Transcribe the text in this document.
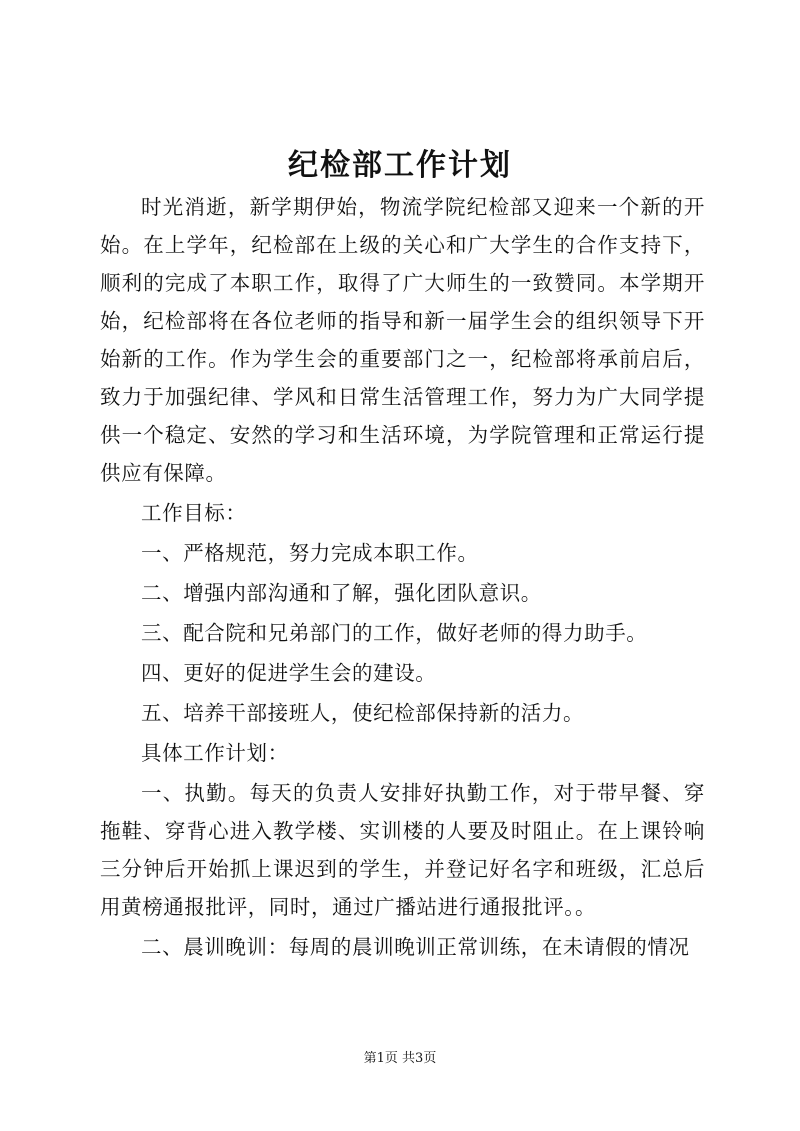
纪检部工作计划

时光消逝，新学期伊始，物流学院纪检部又迎来一个新的开始。在上学年，纪检部在上级的关心和广大学生的合作支持下，顺利的完成了本职工作，取得了广大师生的一致赞同。本学期开始，纪检部将在各位老师的指导和新一届学生会的组织领导下开始新的工作。作为学生会的重要部门之一，纪检部将承前启后，致力于加强纪律、学风和日常生活管理工作，努力为广大同学提供一个稳定、安然的学习和生活环境，为学院管理和正常运行提供应有保障。

工作目标：

一、严格规范，努力完成本职工作。

二、增强内部沟通和了解，强化团队意识。

三、配合院和兄弟部门的工作，做好老师的得力助手。

四、更好的促进学生会的建设。

五、培养干部接班人，使纪检部保持新的活力。

具体工作计划：

一、执勤。每天的负责人安排好执勤工作，对于带早餐、穿拖鞋、穿背心进入教学楼、实训楼的人要及时阻止。在上课铃响三分钟后开始抓上课迟到的学生，并登记好名字和班级，汇总后用黄榜通报批评，同时，通过广播站进行通报批评。。

二、晨训晚训：每周的晨训晚训正常训练，在未请假的情况

第1页 共3页
